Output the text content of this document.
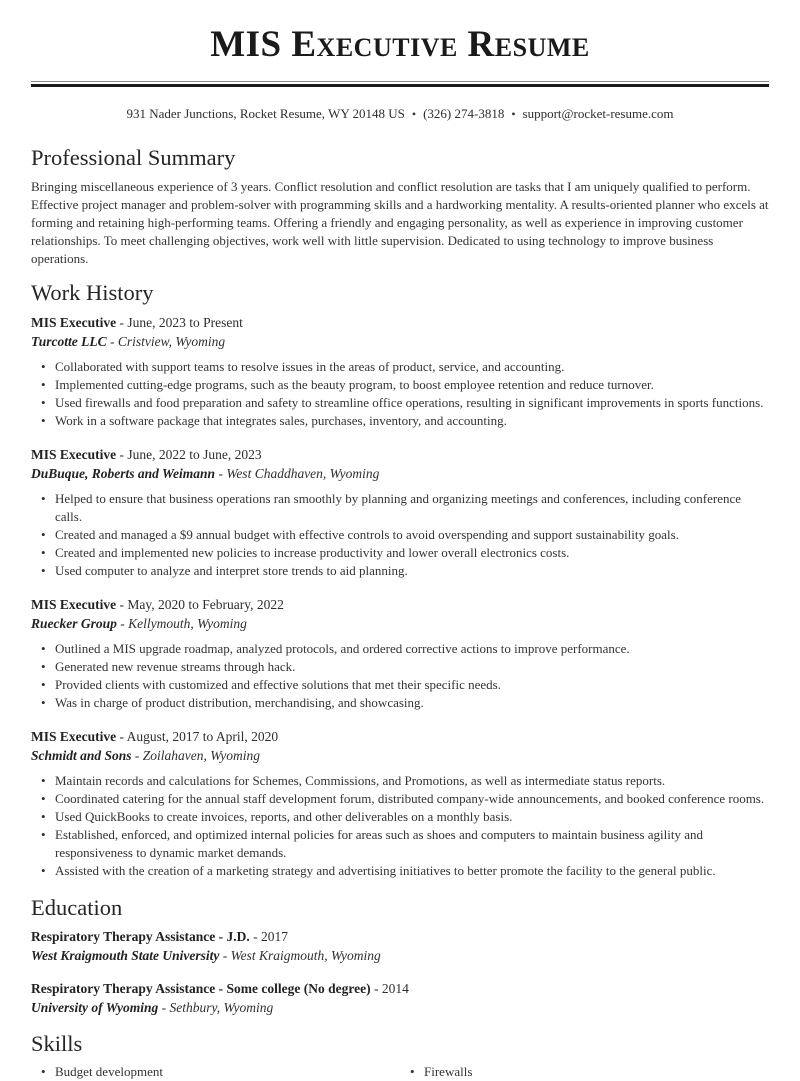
MIS Executive Resume

931 Nader Junctions, Rocket Resume, WY 20148 US • (326) 274-3818 • support@rocket-resume.com

Professional Summary

Bringing miscellaneous experience of 3 years. Conflict resolution and conflict resolution are tasks that I am uniquely qualified to perform. Effective project manager and problem-solver with programming skills and a hardworking mentality. A results-oriented planner who excels at forming and retaining high-performing teams. Offering a friendly and engaging personality, as well as experience in improving customer relationships. To meet challenging objectives, work well with little supervision. Dedicated to using technology to improve business operations.

Work History

MIS Executive - June, 2023 to Present

Turcotte LLC - Cristview, Wyoming

• Collaborated with support teams to resolve issues in the areas of product, service, and accounting.
• Implemented cutting-edge programs, such as the beauty program, to boost employee retention and reduce turnover.
• Used firewalls and food preparation and safety to streamline office operations, resulting in significant improvements in sports functions.
• Work in a software package that integrates sales, purchases, inventory, and accounting.

MIS Executive - June, 2022 to June, 2023

DuBuque, Roberts and Weimann - West Chaddhaven, Wyoming

• Helped to ensure that business operations ran smoothly by planning and organizing meetings and conferences, including conference calls.
• Created and managed a $9 annual budget with effective controls to avoid overspending and support sustainability goals.
• Created and implemented new policies to increase productivity and lower overall electronics costs.
• Used computer to analyze and interpret store trends to aid planning.

MIS Executive - May, 2020 to February, 2022

Ruecker Group - Kellymouth, Wyoming

• Outlined a MIS upgrade roadmap, analyzed protocols, and ordered corrective actions to improve performance.
• Generated new revenue streams through hack.
• Provided clients with customized and effective solutions that met their specific needs.
• Was in charge of product distribution, merchandising, and showcasing.

MIS Executive - August, 2017 to April, 2020

Schmidt and Sons - Zoilahaven, Wyoming

• Maintain records and calculations for Schemes, Commissions, and Promotions, as well as intermediate status reports.
• Coordinated catering for the annual staff development forum, distributed company-wide announcements, and booked conference rooms.
• Used QuickBooks to create invoices, reports, and other deliverables on a monthly basis.
• Established, enforced, and optimized internal policies for areas such as shoes and computers to maintain business agility and responsiveness to dynamic market demands.
• Assisted with the creation of a marketing strategy and advertising initiatives to better promote the facility to the general public.
Education

Respiratory Therapy Assistance - J.D. - 2017

West Kraigmouth State University - West Kraigmouth, Wyoming

Respiratory Therapy Assistance - Some college (No degree) - 2014

University of Wyoming - Sethbury, Wyoming

Skills
• Budget development	• Firewalls
